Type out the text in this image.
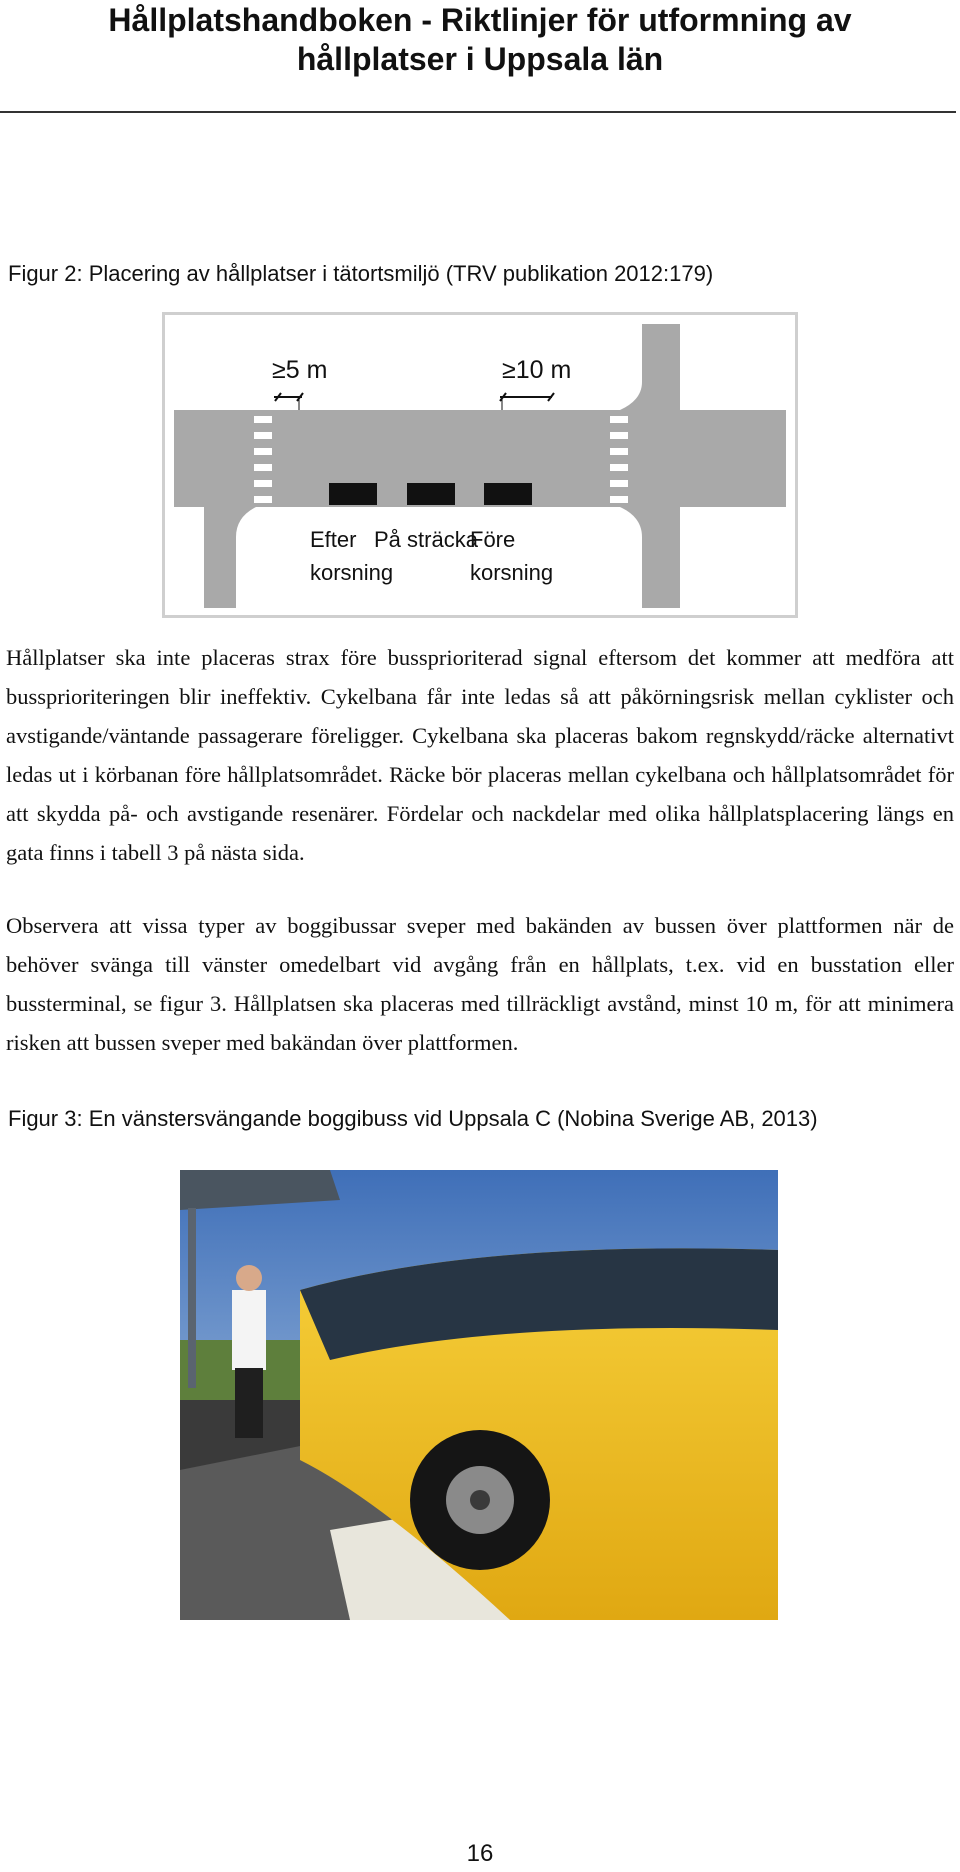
Hållplatshandboken - Riktlinjer för utformning av
hållplatser i Uppsala län
Figur 2: Placering av hållplatser i tätortsmiljö (TRV publikation 2012:179)
≥5 m	≥10 m
Efter
korsning
På sträcka
Före
korsning

Hållplatser ska inte placeras strax före bussprioriterad signal eftersom det kommer att medföra att bussprioriteringen blir ineffektiv. Cykelbana får inte ledas så att påkörningsrisk mellan cyklister och avstigande/väntande passagerare föreligger. Cykelbana ska placeras bakom regnskydd/räcke alternativt ledas ut i körbanan före hållplatsområdet. Räcke bör placeras mellan cykelbana och hållplatsområdet för att skydda på- och avstigande resenärer. Fördelar och nackdelar med olika hållplatsplacering längs en gata finns i tabell 3 på nästa sida.

Observera att vissa typer av boggibussar sveper med bakänden av bussen över plattformen när de behöver svänga till vänster omedelbart vid avgång från en hållplats, t.ex. vid en busstation eller bussterminal, se figur 3. Hållplatsen ska placeras med tillräckligt avstånd, minst 10 m, för att minimera risken att bussen sveper med bakändan över plattformen.

Figur 3: En vänstersvängande boggibuss vid Uppsala C (Nobina Sverige AB, 2013)
16
